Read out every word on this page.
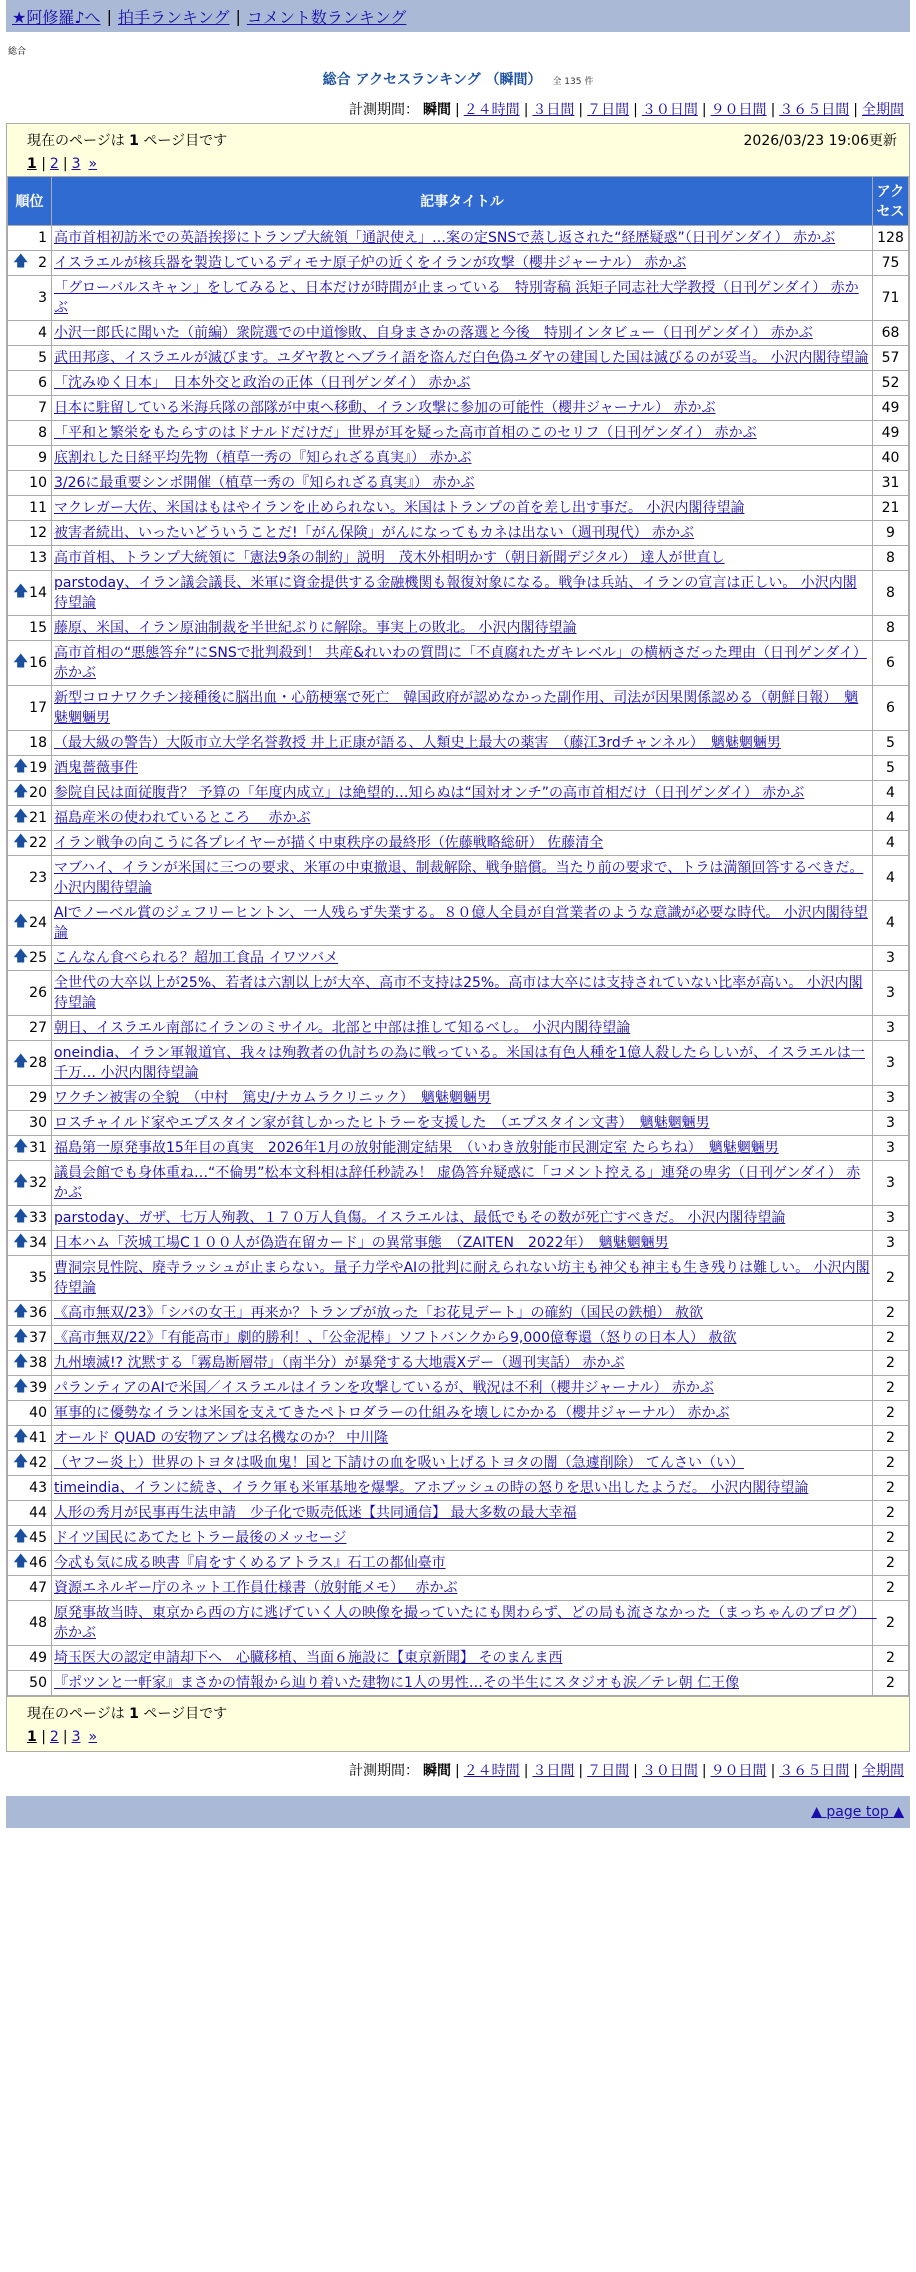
★阿修羅♪へ | 拍手ランキング | コメント数ランキング
総合
総合 アクセスランキング （瞬間） 全 135 件
計測期間： 瞬間 | ２４時間 | ３日間 | ７日間 | ３０日間 | ９０日間 | ３６５日間 | 全期間
現在のページは 1 ページ目です	2026/03/23 19:06更新
1 | 2 | 3 »
順位	記事タイトル	アクセス
1	高市首相初訪米での英語挨拶にトランプ大統領「通訳使え」…案の定SNSで蒸し返された“経歴疑惑”（日刊ゲンダイ） 赤かぶ	128

🡅 2	イスラエルが核兵器を製造しているディモナ原子炉の近くをイランが攻撃（櫻井ジャーナル） 赤かぶ	75
3	「グローバルスキャン」をしてみると、日本だけが時間が止まっている　特別寄稿 浜矩子同志社大学教授（日刊ゲンダイ） 赤かぶ	71
4	小沢一郎氏に聞いた（前編）衆院選での中道惨敗、自身まさかの落選と今後　特別インタビュー（日刊ゲンダイ） 赤かぶ	68
5	武田邦彦、イスラエルが滅びます。ユダヤ教とヘブライ語を盗んだ白色偽ユダヤの建国した国は滅びるのが妥当。 小沢内閣待望論	57
6	「沈みゆく日本」　日本外交と政治の正体（日刊ゲンダイ） 赤かぶ	52
7	日本に駐留している米海兵隊の部隊が中東へ移動、イラン攻撃に参加の可能性（櫻井ジャーナル） 赤かぶ	49
8	「平和と繁栄をもたらすのはドナルドだけだ」世界が耳を疑った高市首相のこのセリフ（日刊ゲンダイ） 赤かぶ	49
9	底割れした日経平均先物（植草一秀の『知られざる真実』） 赤かぶ	40
10	3/26に最重要シンポ開催（植草一秀の『知られざる真実』） 赤かぶ	31
11	マクレガー大佐、米国はもはやイランを止められない。米国はトランプの首を差し出す事だ。 小沢内閣待望論	21
12	被害者続出、いったいどういうことだ!「がん保険」がんになってもカネは出ない（週刊現代） 赤かぶ	9
13	高市首相、トランプ大統領に「憲法9条の制約」説明　茂木外相明かす（朝日新聞デジタル） 達人が世直し	8

🡅 14	parstoday、イラン議会議長、米軍に資金提供する金融機関も報復対象になる。戦争は兵站、イランの宣言は正しい。 小沢内閣待望論	8
15	藤原、米国、イラン原油制裁を半世紀ぶりに解除。事実上の敗北。 小沢内閣待望論	8

🡅 16	高市首相の“悪態答弁”にSNSで批判殺到！ 共産&れいわの質問に「不貞腐れたガキレベル」の横柄さだった理由（日刊ゲンダイ） 赤かぶ	6
17	新型コロナワクチン接種後に脳出血・心筋梗塞で死亡　韓国政府が認めなかった副作用、司法が因果関係認める（朝鮮日報）　魑魅魍魎男	6
18	（最大級の警告）大阪市立大学名誉教授 井上正康が語る、人類史上最大の薬害　（藤江3rdチャンネル）　魑魅魍魎男	5

🡅 19	酒鬼薔薇事件	5

🡅 20	参院自民は面従腹背？ 予算の「年度内成立」は絶望的…知らぬは“国対オンチ”の高市首相だけ（日刊ゲンダイ） 赤かぶ	4

🡅 21	福島産米の使われているところ　 赤かぶ	4

🡅 22	イラン戦争の向こうに各プレイヤーが描く中東秩序の最終形（佐藤戦略総研） 佐藤清全	4
23	マブハイ、イランが米国に三つの要求、米軍の中東撤退、制裁解除、戦争賠償。当たり前の要求で、トラは満額回答するべきだ。 小沢内閣待望論	4

🡅 24	AIでノーベル賞のジェフリーヒントン、一人残らず失業する。８０億人全員が自営業者のような意識が必要な時代。 小沢内閣待望論	4

🡅 25	こんなん食べられる？超加工食品 イワツバメ	3
26	全世代の大卒以上が25%、若者は六割以上が大卒、高市不支持は25%。高市は大卒には支持されていない比率が高い。 小沢内閣待望論	3
27	朝日、イスラエル南部にイランのミサイル。北部と中部は推して知るべし。 小沢内閣待望論	3

🡅 28	oneindia、イラン軍報道官、我々は殉教者の仇討ちの為に戦っている。米国は有色人種を1億人殺したらしいが、イスラエルは一千万… 小沢内閣待望論	3
29	ワクチン被害の全貌　（中村　篤史/ナカムラクリニック）　魑魅魍魎男	3
30	ロスチャイルド家やエプスタイン家が貧しかったヒトラーを支援した　（エプスタイン文書）　魑魅魍魎男	3

🡅 31	福島第一原発事故15年目の真実　2026年1月の放射能測定結果　（いわき放射能市民測定室 たらちね）　魑魅魍魎男	3

🡅 32	議員会館でも身体重ね…“不倫男”松本文科相は辞任秒読み！ 虚偽答弁疑惑に「コメント控える」連発の卑劣（日刊ゲンダイ） 赤かぶ	3

🡅 33	parstoday、ガザ、七万人殉教、１７０万人負傷。イスラエルは、最低でもその数が死亡すべきだ。 小沢内閣待望論	3

🡅 34	日本ハム「茨城工場C１００人が偽造在留カード」の異常事態　（ZAITEN　2022年）　魑魅魍魎男	3
35	曹洞宗見性院、廃寺ラッシュが止まらない。量子力学やAIの批判に耐えられない坊主も神父も神主も生き残りは難しい。 小沢内閣待望論	2

🡅 36	《高市無双/23》「シバの女王」再来か？トランプが放った「お花見デート」の確約（国民の鉄槌） 赦欲	2

🡅 37	《高市無双/22》「有能高市」劇的勝利！、「公金泥棒」ソフトバンクから9,000億奪還（怒りの日本人） 赦欲	2

🡅 38	九州壊滅!? 沈黙する「霧島断層帯」（南半分）が暴発する大地震Xデー（週刊実話） 赤かぶ	2

🡅 39	パランティアのAIで米国／イスラエルはイランを攻撃しているが、戦況は不利（櫻井ジャーナル） 赤かぶ	2
40	軍事的に優勢なイランは米国を支えてきたペトロダラーの仕組みを壊しにかかる（櫻井ジャーナル） 赤かぶ	2

🡅 41	オールド QUAD の安物アンプは名機なのか？ 中川隆	2

🡅 42	（ヤフー炎上）世界のトヨタは吸血鬼！国と下請けの血を吸い上げるトヨタの闇（急遽削除） てんさい（い）	2
43	timeindia、イランに続き、イラク軍も米軍基地を爆撃。アホブッシュの時の怒りを思い出したようだ。 小沢内閣待望論	2
44	人形の秀月が民事再生法申請　少子化で販売低迷【共同通信】 最大多数の最大幸福	2

🡅 45	ドイツ国民にあてたヒトラー最後のメッセージ	2

🡅 46	今忒も気に成る映書『肩をすくめるアトラス』石工の都仙臺市	2
47	資源エネルギー庁のネット工作員仕様書（放射能メモ）　 赤かぶ	2
48	原発事故当時、東京から西の方に逃げていく人の映像を撮っていたにも関わらず、どの局も流さなかった（まっちゃんのブログ）　 赤かぶ	2
49	埼玉医大の認定申請却下へ　心臓移植、当面６施設に【東京新聞】 そのまんま西	2
50	『ポツンと一軒家』まさかの情報から辿り着いた建物に1人の男性…その半生にスタジオも涙／テレ朝 仁王像	2
現在のページは 1 ページ目です
1 | 2 | 3 »
計測期間： 瞬間 | ２４時間 | ３日間 | ７日間 | ３０日間 | ９０日間 | ３６５日間 | 全期間
▲ page top ▲
